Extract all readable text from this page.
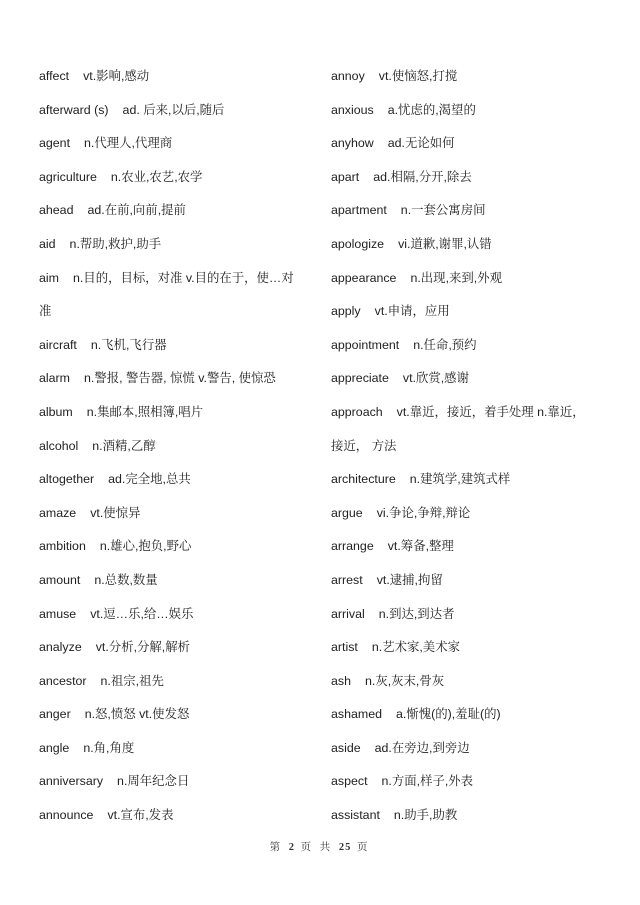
affect vt.影响,感动
afterward (s) ad. 后来,以后,随后
agent n.代理人,代理商
agriculture n.农业,农艺,农学
ahead ad.在前,向前,提前
aid n.帮助,救护,助手
aim n.目的，目标，对准 v.目的在于，使…对
准
aircraft n.飞机,飞行器
alarm n.警报, 警告器, 惊慌 v.警告, 使惊恐
album n.集邮本,照相簿,唱片
alcohol n.酒精,乙醇
altogether ad.完全地,总共
amaze vt.使惊异
ambition n.雄心,抱负,野心
amount n.总数,数量
amuse vt.逗…乐,给…娱乐
analyze vt.分析,分解,解析
ancestor n.祖宗,祖先
anger n.怒,愤怒 vt.使发怒
angle n.角,角度
anniversary n.周年纪念日
announce vt.宣布,发表
annoy vt.使恼怒,打搅
anxious a.忧虑的,渴望的
anyhow ad.无论如何
apart ad.相隔,分开,除去
apartment n.一套公寓房间
apologize vi.道歉,谢罪,认错
appearance n.出现,来到,外观
apply vt.申请，应用
appointment n.任命,预约
appreciate vt.欣赏,感谢
approach vt.靠近，接近，着手处理 n.靠近，
接近， 方法
architecture n.建筑学,建筑式样
argue vi.争论,争辩,辩论
arrange vt.筹备,整理
arrest vt.逮捕,拘留
arrival n.到达,到达者
artist n.艺术家,美术家
ash n.灰,灰末,骨灰
ashamed a.惭愧(的),羞耻(的)
aside ad.在旁边,到旁边
aspect n.方面,样子,外表
assistant n.助手,助教
第 2 页 共 25 页
